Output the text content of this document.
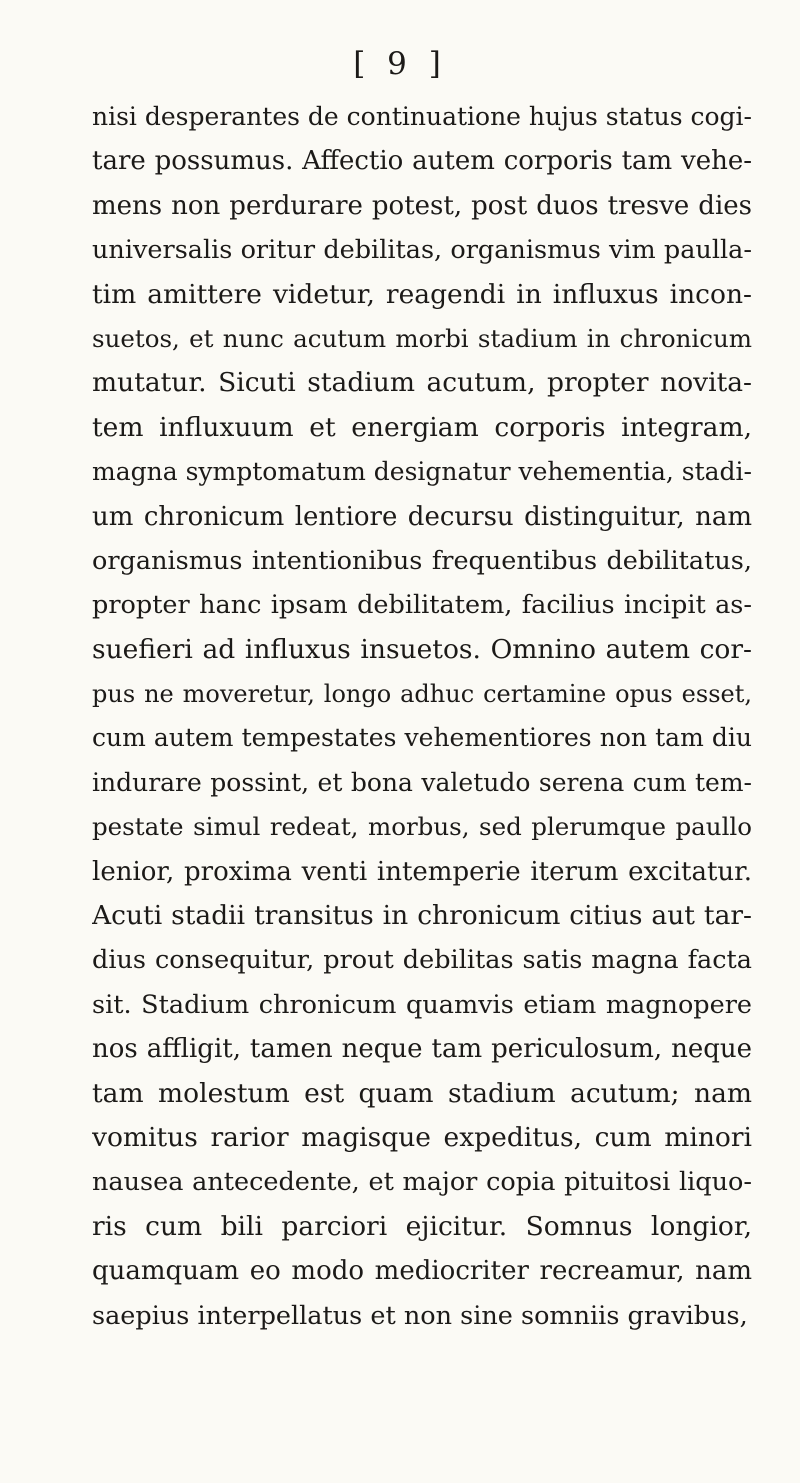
[ 9 ]
nisi desperantes de continuatione hujus status cogi-
tare possumus. Affectio autem corporis tam vehe-
mens non perdurare potest, post duos tresve dies
universalis oritur debilitas, organismus vim paulla-
tim amittere videtur, reagendi in influxus incon-
suetos, et nunc acutum morbi stadium in chronicum
mutatur. Sicuti stadium acutum, propter novita-
tem influxuum et energiam corporis integram,
magna symptomatum designatur vehementia, stadi-
um chronicum lentiore decursu distinguitur, nam
organismus intentionibus frequentibus debilitatus,
propter hanc ipsam debilitatem, facilius incipit as-
suefieri ad influxus insuetos. Omnino autem cor-
pus ne moveretur, longo adhuc certamine opus esset,
cum autem tempestates vehementiores non tam diu
indurare possint, et bona valetudo serena cum tem-
pestate simul redeat, morbus, sed plerumque paullo
lenior, proxima venti intemperie iterum excitatur.
Acuti stadii transitus in chronicum citius aut tar-
dius consequitur, prout debilitas satis magna facta
sit. Stadium chronicum quamvis etiam magnopere
nos affligit, tamen neque tam periculosum, neque
tam molestum est quam stadium acutum; nam
vomitus rarior magisque expeditus, cum minori
nausea antecedente, et major copia pituitosi liquo-
ris cum bili parciori ejicitur. Somnus longior,
quamquam eo modo mediocriter recreamur, nam
saepius interpellatus et non sine somniis gravibus,
